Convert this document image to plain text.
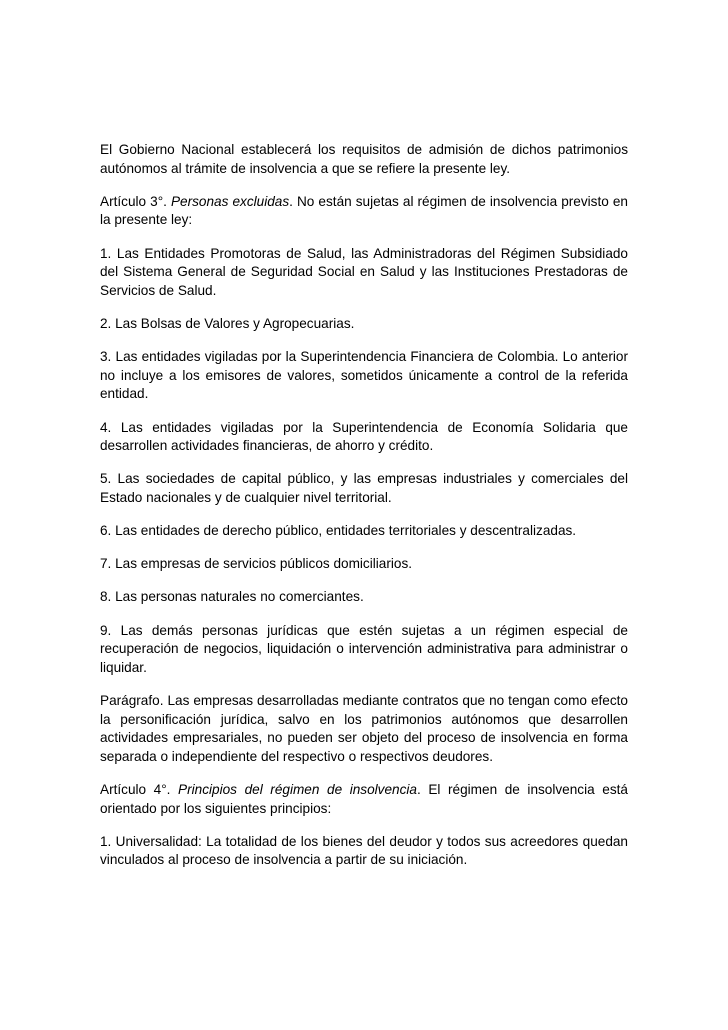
El Gobierno Nacional establecerá los requisitos de admisión de dichos patrimonios autónomos al trámite de insolvencia a que se refiere la presente ley.

Artículo 3°. Personas excluidas. No están sujetas al régimen de insolvencia previsto en la presente ley:

1. Las Entidades Promotoras de Salud, las Administradoras del Régimen Subsidiado del Sistema General de Seguridad Social en Salud y las Instituciones Prestadoras de Servicios de Salud.

2. Las Bolsas de Valores y Agropecuarias.

3. Las entidades vigiladas por la Superintendencia Financiera de Colombia. Lo anterior no incluye a los emisores de valores, sometidos únicamente a control de la referida entidad.

4. Las entidades vigiladas por la Superintendencia de Economía Solidaria que desarrollen actividades financieras, de ahorro y crédito.

5. Las sociedades de capital público, y las empresas industriales y comerciales del Estado nacionales y de cualquier nivel territorial.

6. Las entidades de derecho público, entidades territoriales y descentralizadas.

7. Las empresas de servicios públicos domiciliarios.

8. Las personas naturales no comerciantes.

9. Las demás personas jurídicas que estén sujetas a un régimen especial de recuperación de negocios, liquidación o intervención administrativa para administrar o liquidar.

Parágrafo. Las empresas desarrolladas mediante contratos que no tengan como efecto la personificación jurídica, salvo en los patrimonios autónomos que desarrollen actividades empresariales, no pueden ser objeto del proceso de insolvencia en forma separada o independiente del respectivo o respectivos deudores.

Artículo 4°. Principios del régimen de insolvencia. El régimen de insolvencia está orientado por los siguientes principios:

1. Universalidad: La totalidad de los bienes del deudor y todos sus acreedores quedan vinculados al proceso de insolvencia a partir de su iniciación.
